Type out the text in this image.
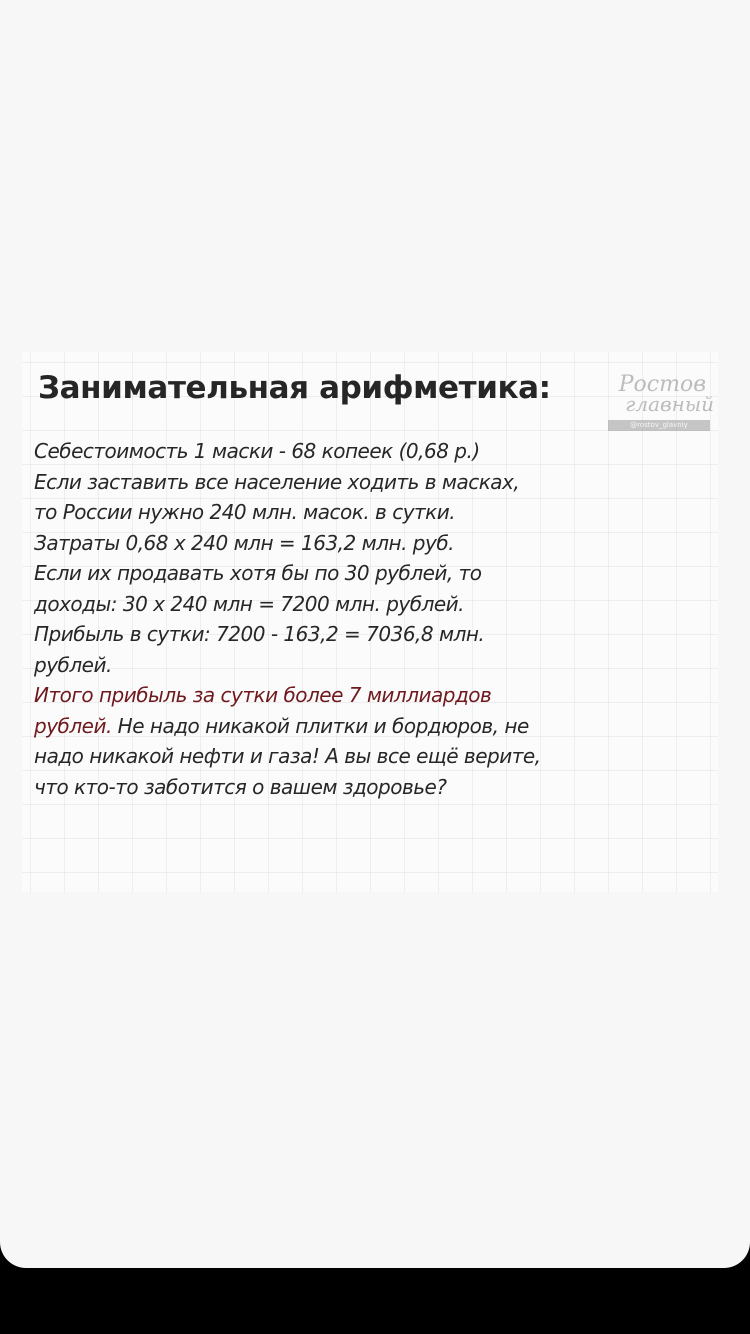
Занимательная арифметика:	Ростов
главный
@rostov_glavniy
Себестоимость 1 маски - 68 копеек (0,68 р.)
Если заставить все население ходить в масках,
то России нужно 240 млн. масок. в сутки.
Затраты 0,68 х 240 млн = 163,2 млн. руб.
Если их продавать хотя бы по 30 рублей, то
доходы: 30 х 240 млн = 7200 млн. рублей.
Прибыль в сутки: 7200 - 163,2 = 7036,8 млн.
рублей.
Итого прибыль за сутки более 7 миллиардов
рублей. Не надо никакой плитки и бордюров, не
надо никакой нефти и газа! А вы все ещё верите,
что кто-то заботится о вашем здоровье?
